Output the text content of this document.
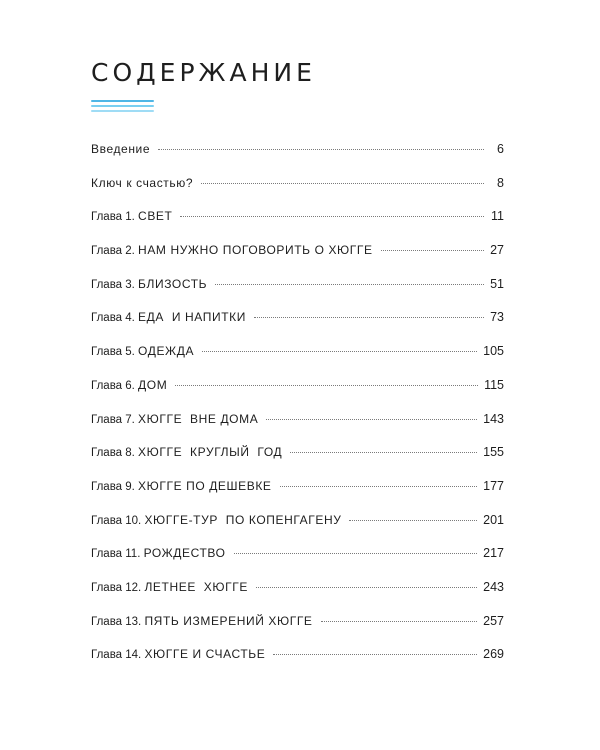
СОДЕРЖАНИЕ
Введение	6
Ключ к счастью?	8
Глава 1. СВЕТ	11
Глава 2. НАМ НУЖНО ПОГОВОРИТЬ О ХЮГГЕ	27
Глава 3. БЛИЗОСТЬ	51
Глава 4. ЕДА  И НАПИТКИ	73
Глава 5. ОДЕЖДА	105
Глава 6. ДОМ	115
Глава 7. ХЮГГЕ  ВНЕ ДОМА	143
Глава 8. ХЮГГЕ  КРУГЛЫЙ  ГОД	155
Глава 9. ХЮГГЕ ПО ДЕШЕВКЕ	177
Глава 10. ХЮГГЕ-ТУР  ПО КОПЕНГАГЕНУ	201
Глава 11. РОЖДЕСТВО	217
Глава 12. ЛЕТНЕЕ  ХЮГГЕ	243
Глава 13. ПЯТЬ ИЗМЕРЕНИЙ ХЮГГЕ	257
Глава 14. ХЮГГЕ И СЧАСТЬЕ	269
